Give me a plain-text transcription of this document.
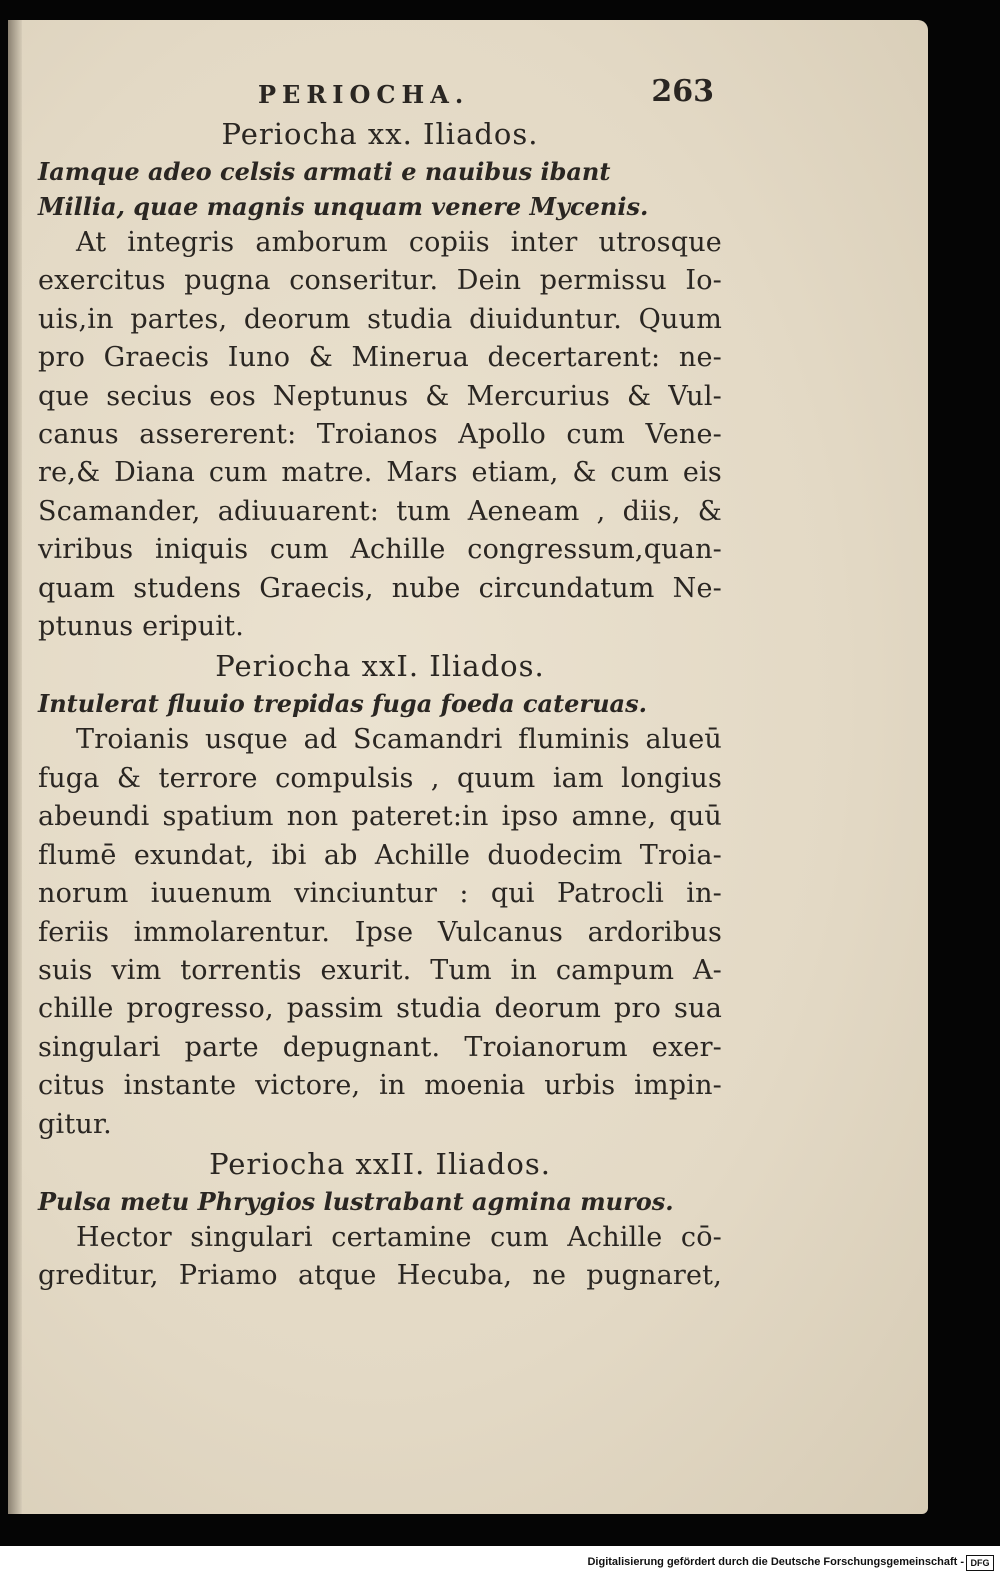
PERIOCHA.	263

Periocha xx. Iliados.

Iamque adeo celsis armati e nauibus ibant

Millia, quae magnis unquam venere Mycenis.

At integris amborum copiis inter utrosque
exercitus pugna conseritur. Dein permissu Io-
uis,in partes, deorum studia diuiduntur. Quum
pro Graecis Iuno & Minerua decertarent: ne-
que secius eos Neptunus & Mercurius & Vul-
canus assererent: Troianos Apollo cum Vene-
re,& Diana cum matre. Mars etiam, & cum eis
Scamander, adiuuarent: tum Aeneam , diis, &
viribus iniquis cum Achille congressum,quan-
quam studens Graecis, nube circundatum Ne-
ptunus eripuit.

Periocha xxI. Iliados.

Intulerat fluuio trepidas fuga foeda cateruas.

Troianis usque ad Scamandri fluminis alueū
fuga & terrore compulsis , quum iam longius
abeundi spatium non pateret:in ipso amne, quū
flumē exundat, ibi ab Achille duodecim Troia-
norum iuuenum vinciuntur : qui Patrocli in-
feriis immolarentur. Ipse Vulcanus ardoribus
suis vim torrentis exurit. Tum in campum A-
chille progresso, passim studia deorum pro sua
singulari parte depugnant. Troianorum exer-
citus instante victore, in moenia urbis impin-
gitur.

Periocha xxII. Iliados.

Pulsa metu Phrygios lustrabant agmina muros.

Hector singulari certamine cum Achille cō-
greditur, Priamo atque Hecuba, ne pugnaret,

Digitalisierung gefördert durch die Deutsche Forschungsgemeinschaft - DFG
